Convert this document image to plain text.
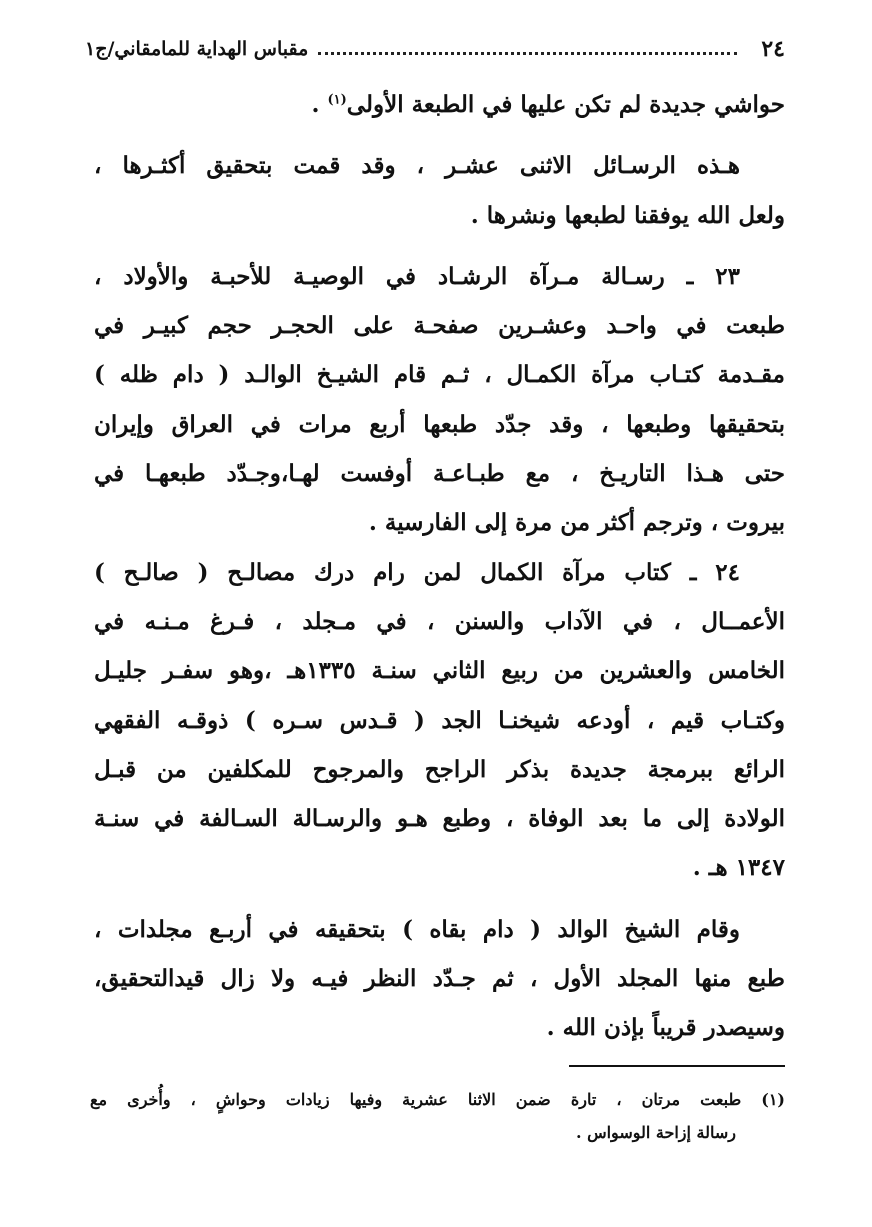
٢٤
مقباس الهداية للمامقاني/ج١

حواشي جديدة لم تكن عليها في الطبعة الأولى$^{(١)}$ .

هـذه الرسـائل الاثنى عشـر ، وقد قمت بتحقيق أكثـرها ،
ولعل الله يوفقنا لطبعها ونشرها .

٢٣ ـ رسـالة مـرآة الرشـاد في الوصيـة للأحبـة والأولاد ،
طبعت في واحـد وعشـرين صفحـة على الحجـر حجم كبيـر في
مقـدمة كتـاب مرآة الكمـال ، ثـم قام الشيـخ الوالـد ( دام ظله )
بتحقيقها وطبعها ، وقد جدّد طبعها أربع مرات في العراق وإيران
حتى هـذا التاريـخ ، مع طبـاعـة أوفست لهـا،وجـدّد طبعهـا في
بيروت ، وترجم أكثر من مرة إلى الفارسية .

٢٤ ـ كتاب مرآة الكمال لمن رام درك مصالـح ( صالـح )
الأعمــال ، في الآداب والسنن ، في مـجلد ، فـرغ مـنـه في
الخامس والعشرين من ربيع الثاني سنـة ١٣٣٥هـ ،وهو سفـر جليـل
وكتـاب قيم ، أودعه شيخنـا الجد ( قـدس سـره ) ذوقـه الفقهي
الرائع ببرمجة جديدة بذكر الراجح والمرجوح للمكلفين من قبـل
الولادة إلى ما بعد الوفاة ، وطبع هـو والرسـالة السـالفة في سنـة
١٣٤٧ هـ .

وقام الشيخ الوالد ( دام بقاه ) بتحقيقه في أربـع مجلدات ،
طبع منها المجلد الأول ، ثم جـدّد النظر فيـه ولا زال قيدالتحقيق،
وسيصدر قريباً بإذن الله .

(١) طبعت مرتان ، تارة ضمن الاثنا عشرية وفيها زيادات وحواشٍ ، وأُخرى مع
رسالة إزاحة الوسواس .
